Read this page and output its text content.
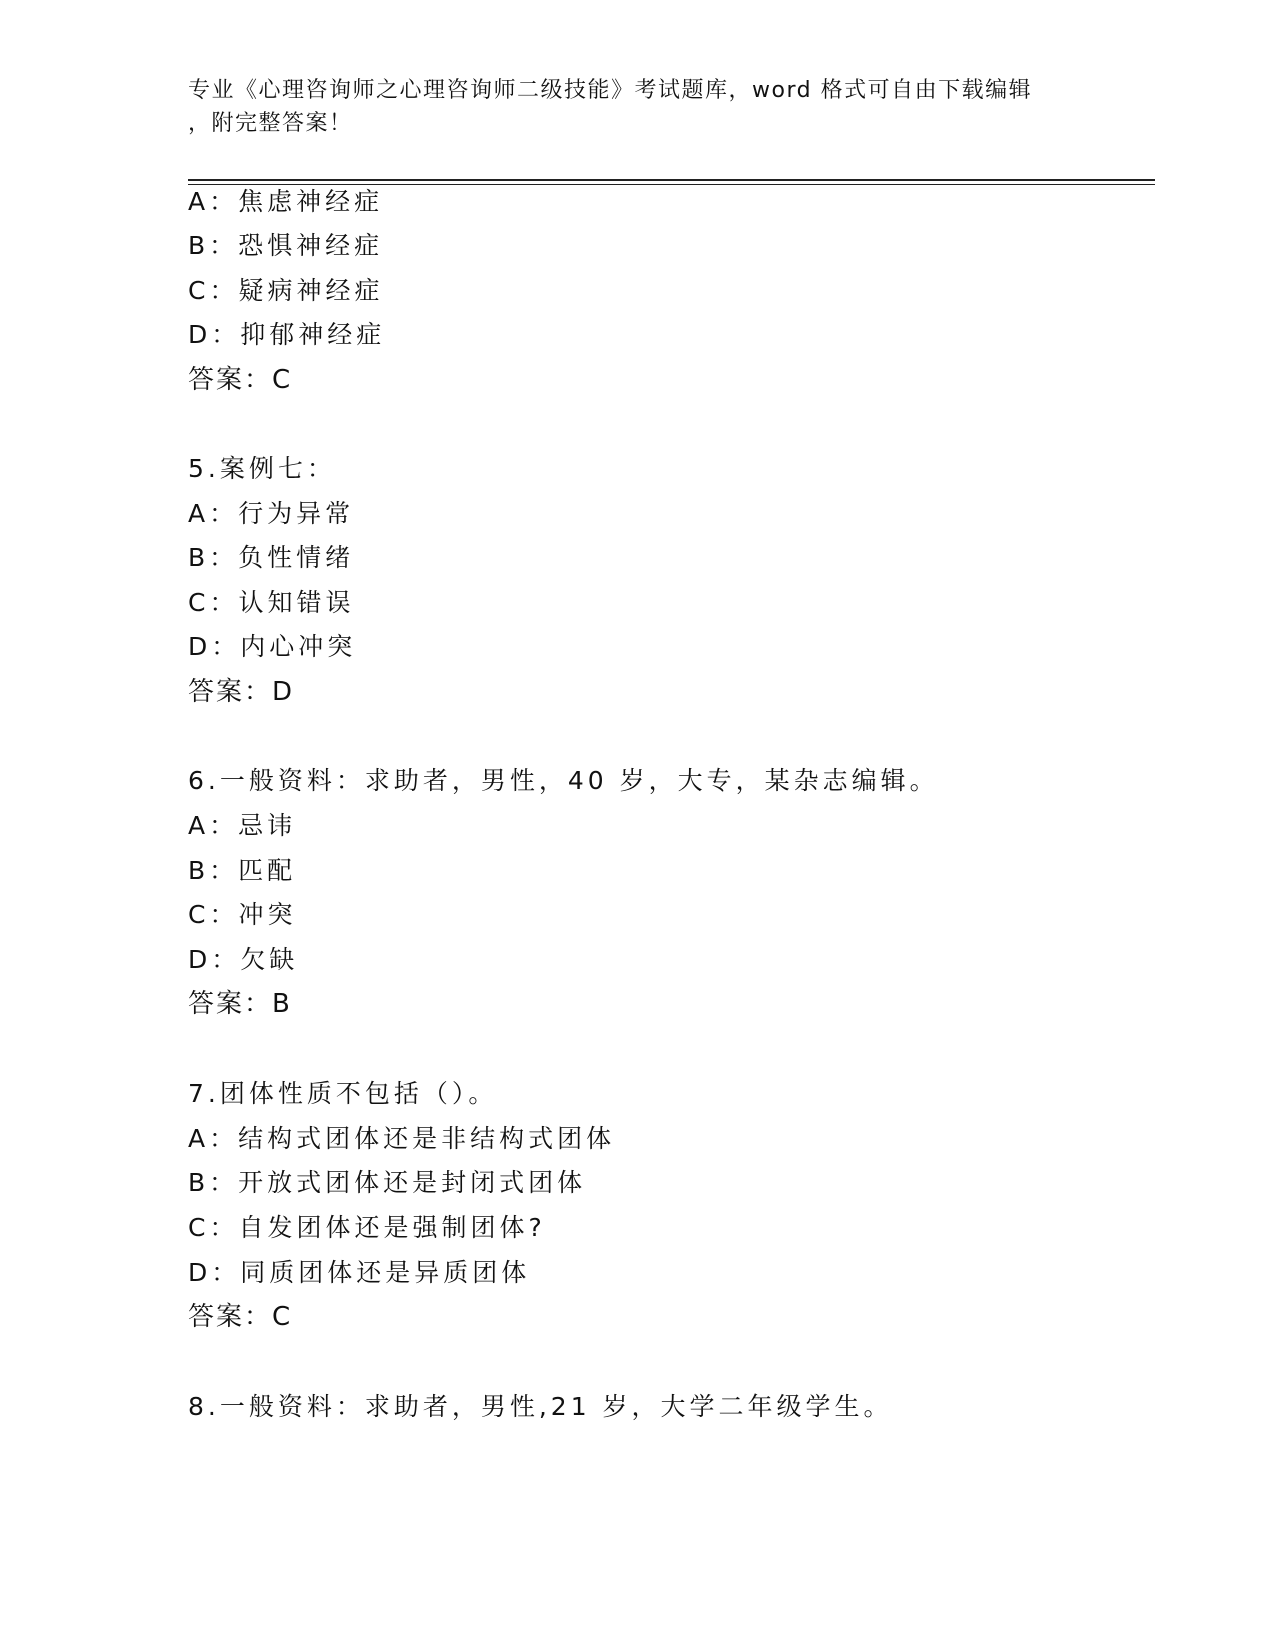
专业《心理咨询师之心理咨询师二级技能》考试题库，word 格式可自由下载编辑
，附完整答案！
A：焦虑神经症
B：恐惧神经症
C：疑病神经症
D：抑郁神经症
答案：C
5.案例七：
A：行为异常
B：负性情绪
C：认知错误
D：内心冲突
答案：D
6.一般资料：求助者，男性，40 岁，大专，某杂志编辑。
A：忌讳
B：匹配
C：冲突
D：欠缺
答案：B
7.团体性质不包括（）。
A：结构式团体还是非结构式团体
B：开放式团体还是封闭式团体
C：自发团体还是强制团体?
D：同质团体还是异质团体
答案：C
8.一般资料：求助者，男性,21 岁，大学二年级学生。
